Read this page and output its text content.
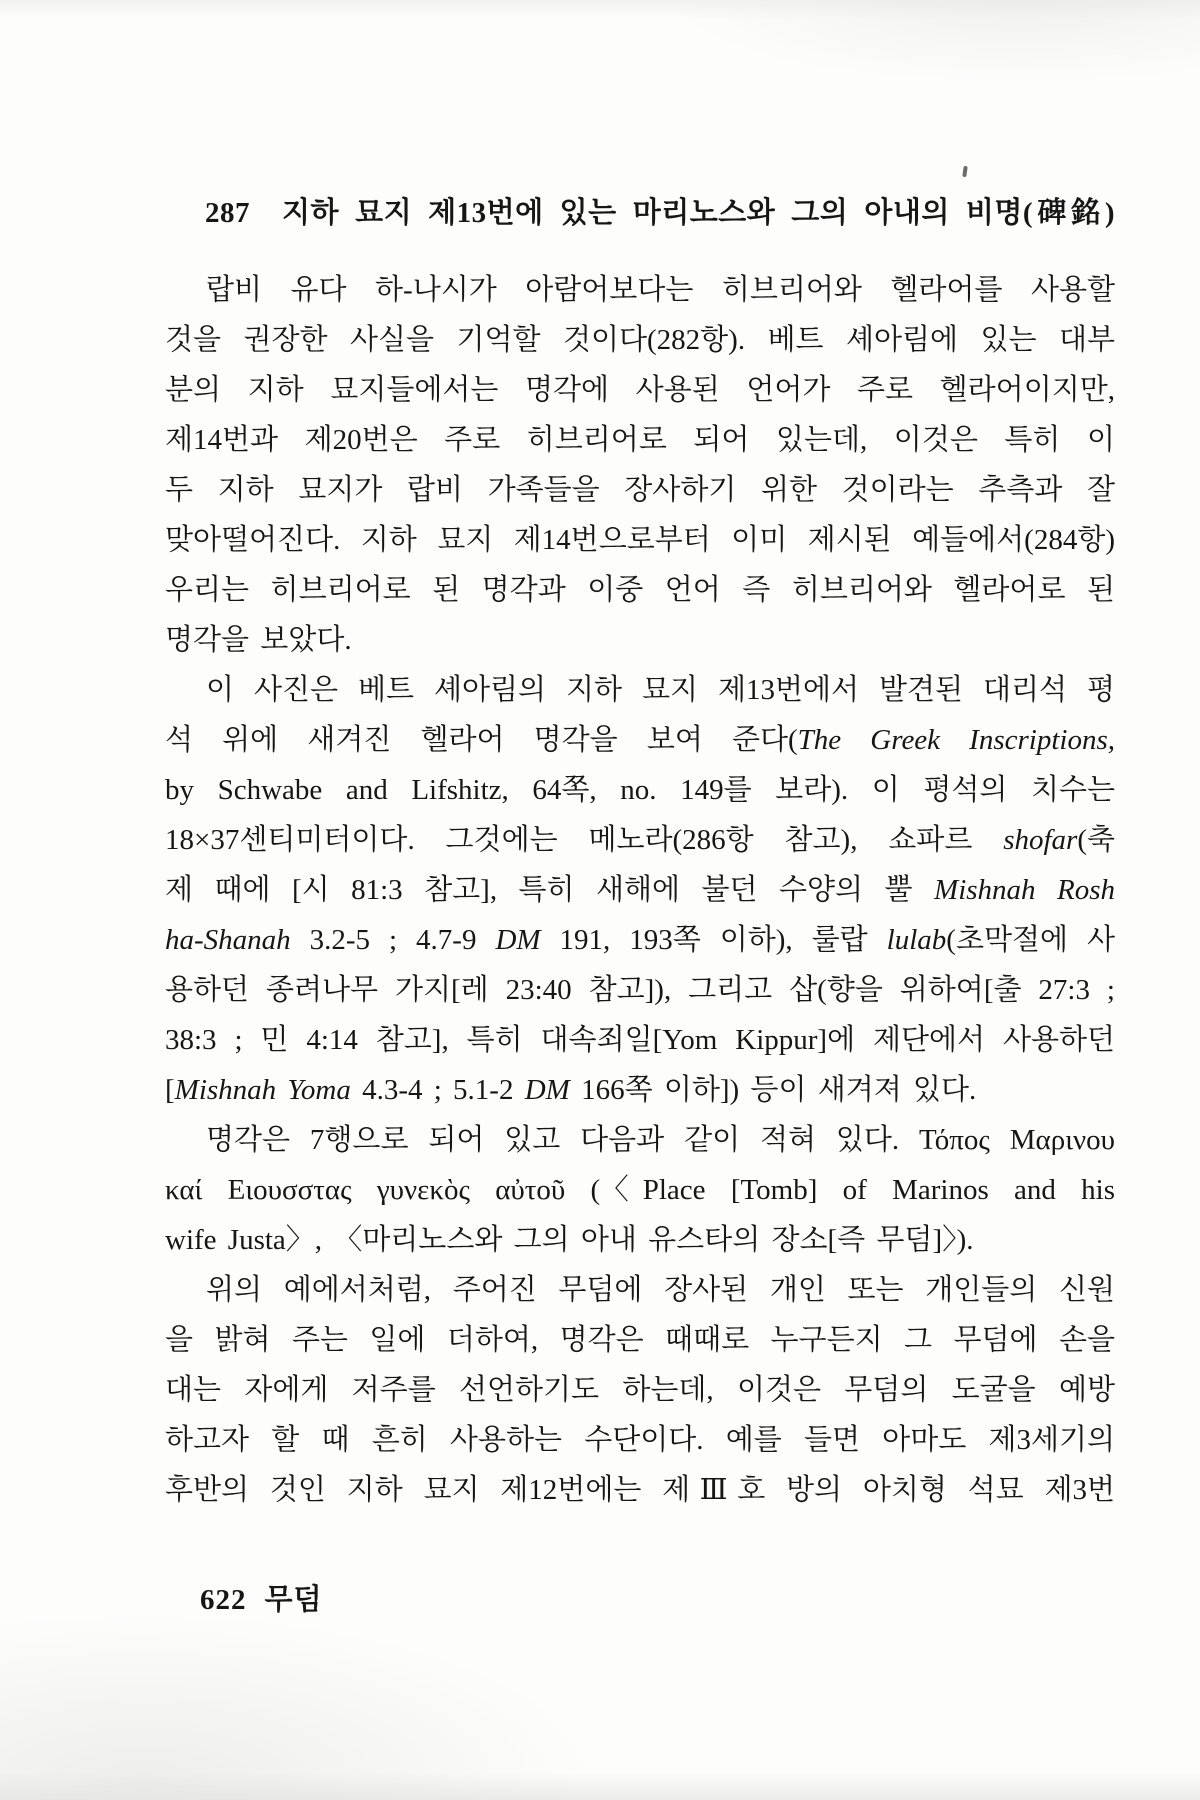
287  지하 묘지 제13번에 있는 마리노스와 그의 아내의 비명(碑銘)
랍비 유다 하-나시가 아람어보다는 히브리어와 헬라어를 사용할
것을 권장한 사실을 기억할 것이다(282항). 베트 셰아림에 있는 대부
분의 지하 묘지들에서는 명각에 사용된 언어가 주로 헬라어이지만,
제14번과 제20번은 주로 히브리어로 되어 있는데, 이것은 특히 이
두 지하 묘지가 랍비 가족들을 장사하기 위한 것이라는 추측과 잘
맞아떨어진다. 지하 묘지 제14번으로부터 이미 제시된 예들에서(284항)
우리는 히브리어로 된 명각과 이중 언어 즉 히브리어와 헬라어로 된
명각을 보았다.
이 사진은 베트 셰아림의 지하 묘지 제13번에서 발견된 대리석 평
석 위에 새겨진 헬라어 명각을 보여 준다(The Greek Inscriptions,
by Schwabe and Lifshitz, 64쪽, no. 149를 보라). 이 평석의 치수는
18×37센티미터이다. 그것에는 메노라(286항 참고), 쇼파르 shofar(축
제 때에 [시 81:3 참고], 특히 새해에 불던 수양의 뿔 Mishnah Rosh
ha-Shanah 3.2-5 ; 4.7-9 DM 191, 193쪽 이하), 룰랍 lulab(초막절에 사
용하던 종려나무 가지[레 23:40 참고]), 그리고 삽(향을 위하여[출 27:3 ;
38:3 ; 민 4:14 참고], 특히 대속죄일[Yom Kippur]에 제단에서 사용하던
[Mishnah Yoma 4.3-4 ; 5.1-2 DM 166쪽 이하]) 등이 새겨져 있다.
명각은 7행으로 되어 있고 다음과 같이 적혀 있다. Τόπος Μαρινου
καί Ειουσστας γυνεκὸς αὐτοῦ (〈Place [Tomb] of Marinos and his
wife Justa〉, 〈마리노스와 그의 아내 유스타의 장소[즉 무덤]〉).
위의 예에서처럼, 주어진 무덤에 장사된 개인 또는 개인들의 신원
을 밝혀 주는 일에 더하여, 명각은 때때로 누구든지 그 무덤에 손을
대는 자에게 저주를 선언하기도 하는데, 이것은 무덤의 도굴을 예방
하고자 할 때 흔히 사용하는 수단이다. 예를 들면 아마도 제3세기의
후반의 것인 지하 묘지 제12번에는 제Ⅲ호 방의 아치형 석묘 제3번
622 무덤
